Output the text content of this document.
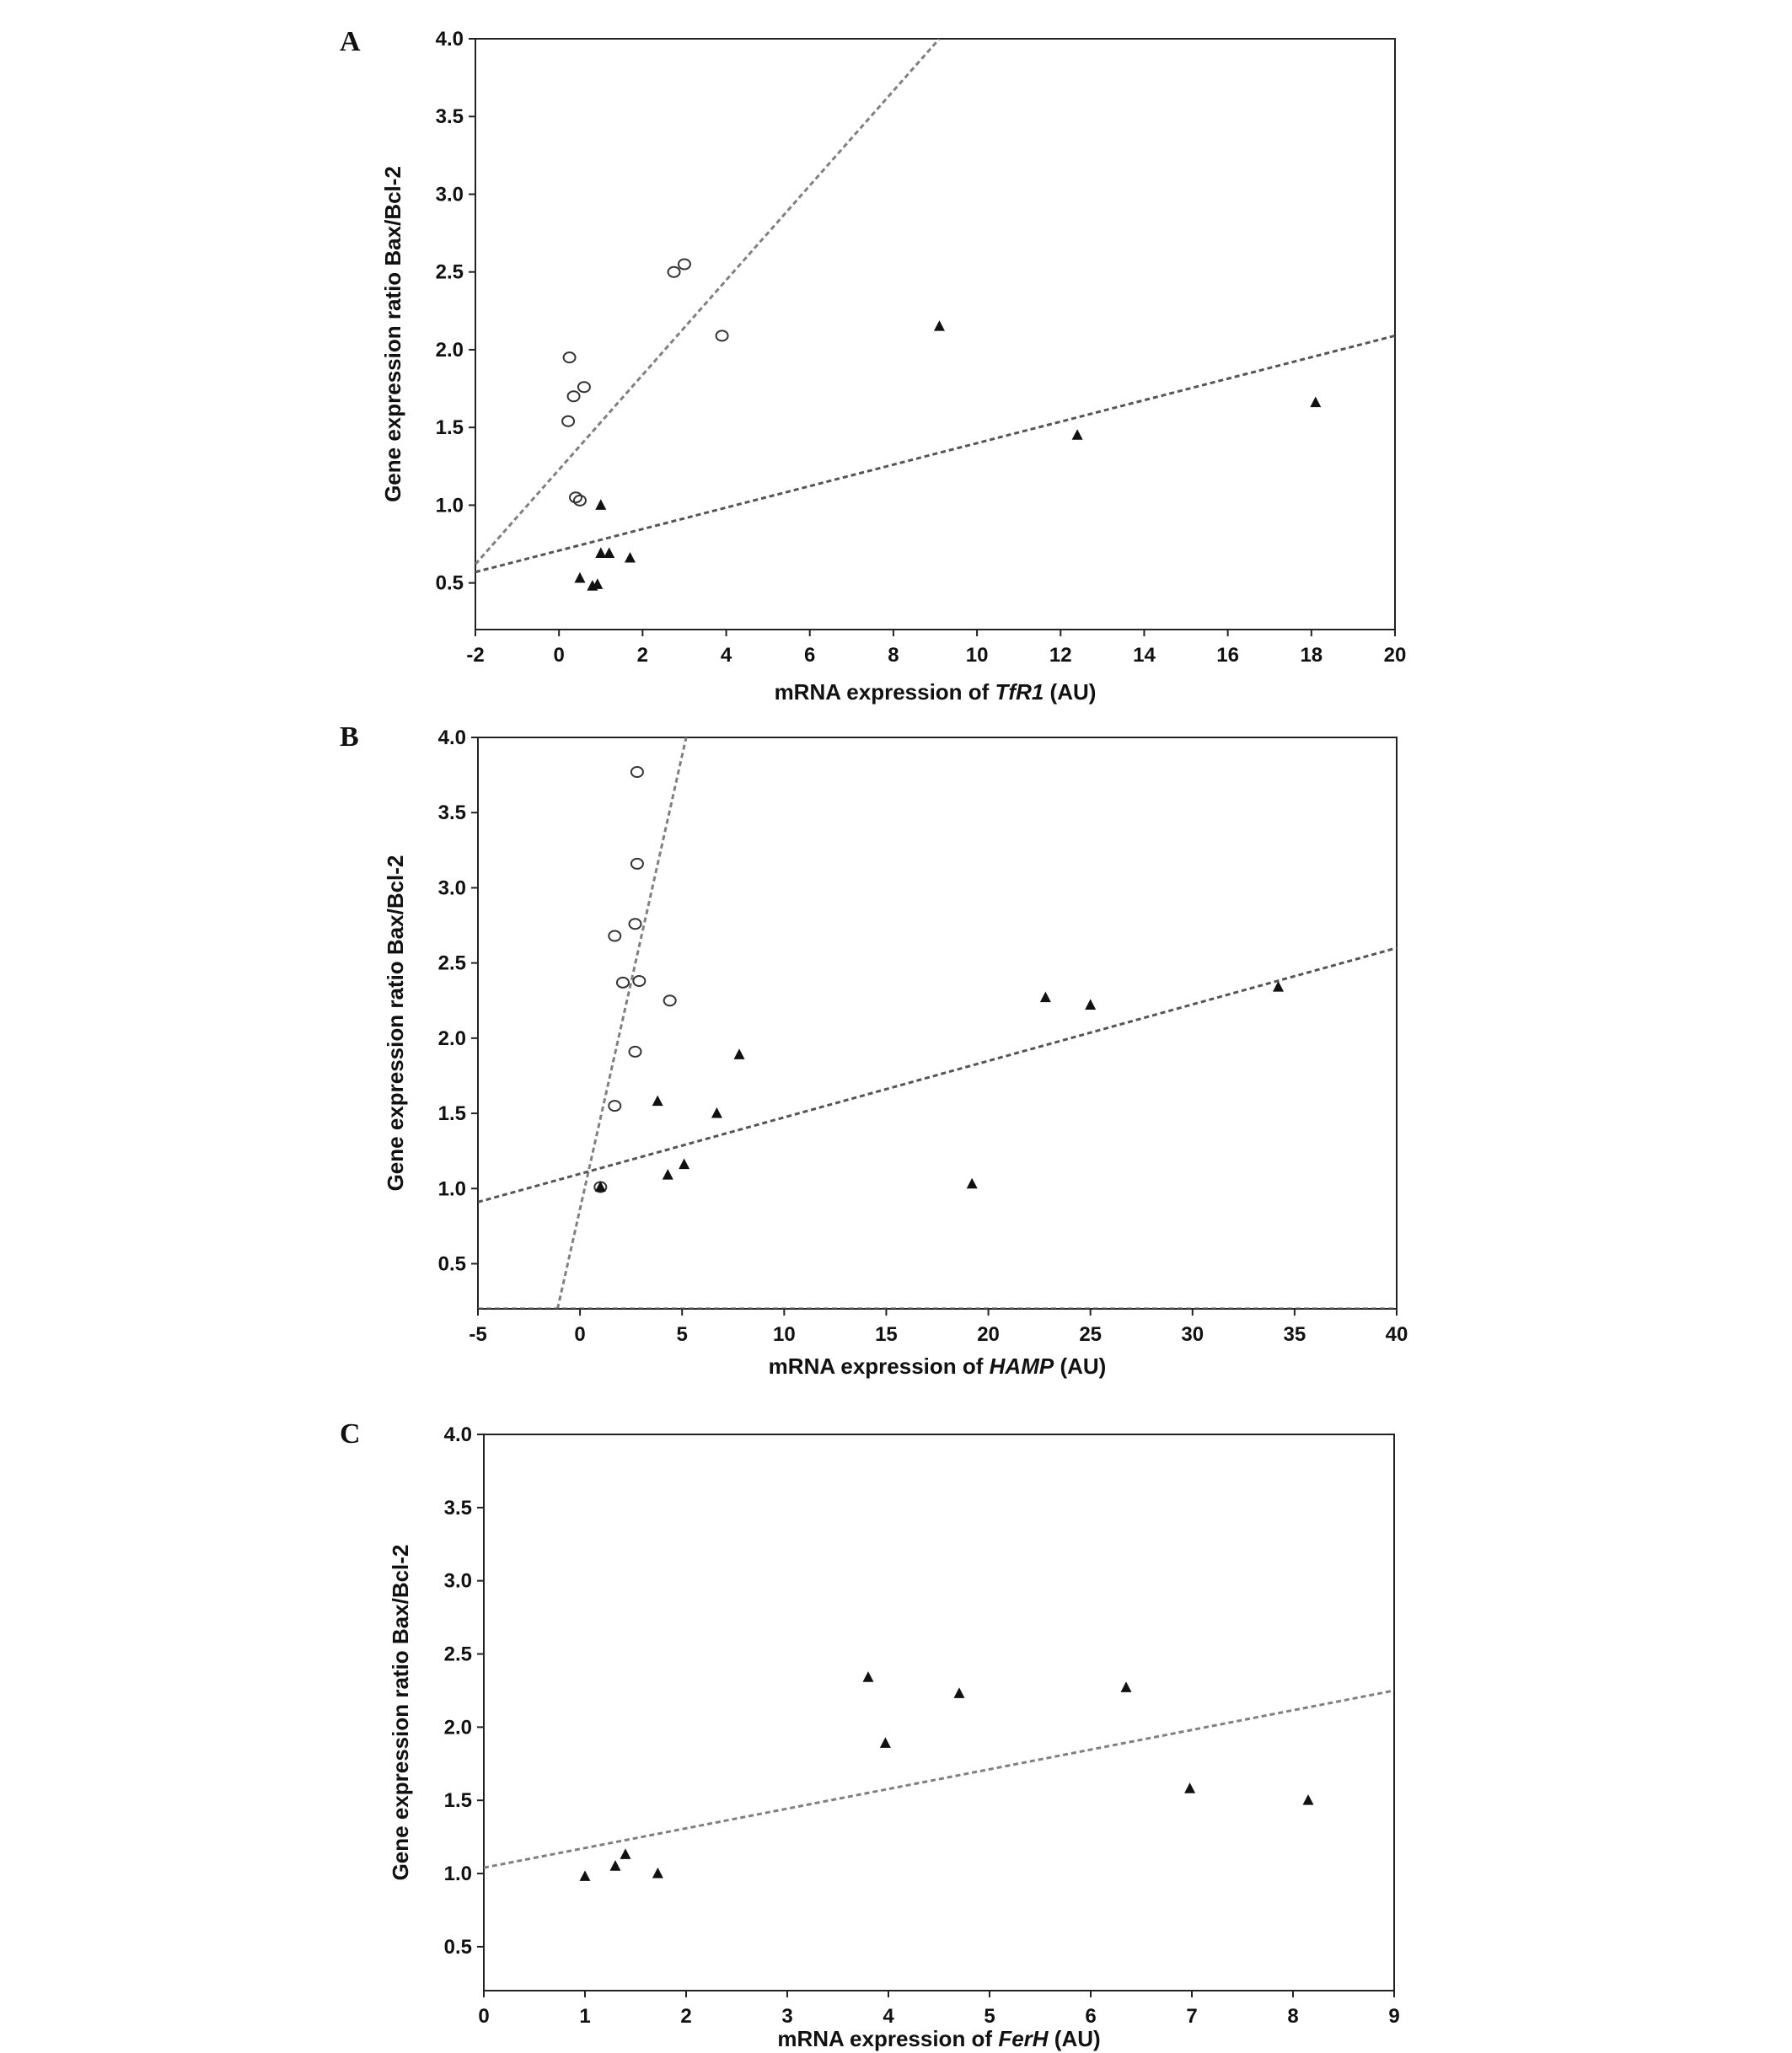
A
-2	0	2	4	6	8	10	12	14	16	18	20
0.5
1.0
1.5
2.0
2.5
3.0
3.5
4.0
mRNA expression of TfR1 (AU)
Gene expression ratio Bax/Bcl-2
B
-5	0	5	10	15	20	25	30	35	40
0.5
1.0
1.5
2.0
2.5
3.0
3.5
4.0
mRNA expression of HAMP (AU)
Gene expression ratio Bax/Bcl-2
C
0	1	2	3	4	5	6	7	8	9
0.5
1.0
1.5
2.0
2.5
3.0
3.5
4.0
mRNA expression of FerH (AU)
Gene expression ratio Bax/Bcl-2
